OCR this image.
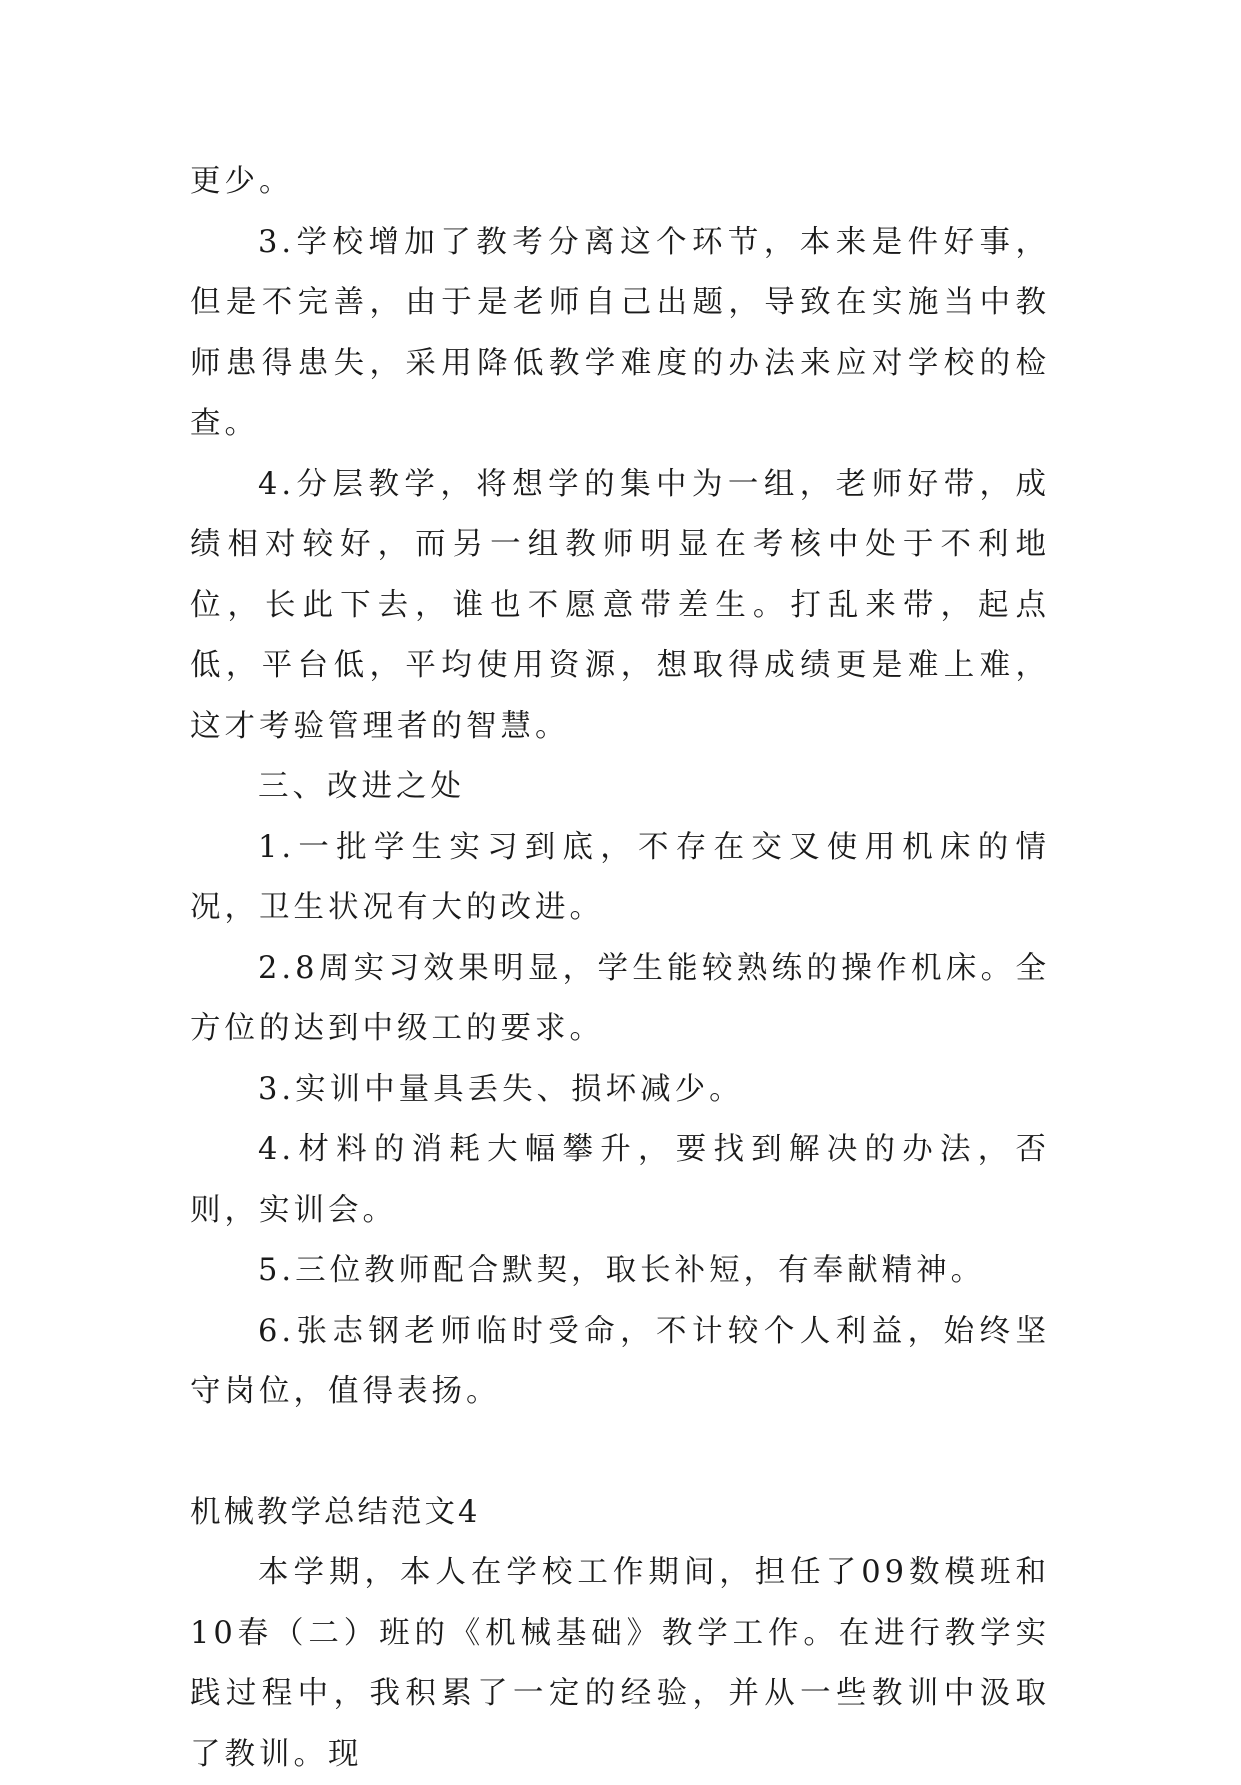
更少。

3.学校增加了教考分离这个环节，本来是件好事，但是不完善，由于是老师自己出题，导致在实施当中教师患得患失，采用降低教学难度的办法来应对学校的检查。

4.分层教学，将想学的集中为一组，老师好带，成绩相对较好，而另一组教师明显在考核中处于不利地位，长此下去，谁也不愿意带差生。打乱来带，起点低，平台低，平均使用资源，想取得成绩更是难上难，这才考验管理者的智慧。

三、改进之处

1.一批学生实习到底，不存在交叉使用机床的情况，卫生状况有大的改进。

2.8周实习效果明显，学生能较熟练的操作机床。全方位的达到中级工的要求。

3.实训中量具丢失、损坏减少。

4.材料的消耗大幅攀升，要找到解决的办法，否则，实训会。

5.三位教师配合默契，取长补短，有奉献精神。

6.张志钢老师临时受命，不计较个人利益，始终坚守岗位，值得表扬。

机械教学总结范文4

本学期，本人在学校工作期间，担任了09数模班和10春（二）班的《机械基础》教学工作。在进行教学实践过程中，我积累了一定的经验，并从一些教训中汲取了教训。现
